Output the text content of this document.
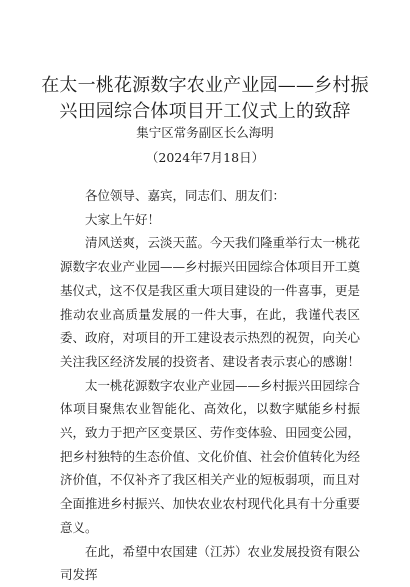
在太一桃花源数字农业产业园——乡村振兴田园综合体项目开工仪式上的致辞
集宁区常务副区长么海明
（2024年7月18日）

各位领导、嘉宾，同志们、朋友们：

大家上午好！

清风送爽，云淡天蓝。今天我们隆重举行太一桃花源数字农业产业园——乡村振兴田园综合体项目开工奠基仪式，这不仅是我区重大项目建设的一件喜事，更是推动农业高质量发展的一件大事，在此，我谨代表区委、政府，对项目的开工建设表示热烈的祝贺，向关心关注我区经济发展的投资者、建设者表示衷心的感谢！

太一桃花源数字农业产业园——乡村振兴田园综合体项目聚焦农业智能化、高效化，以数字赋能乡村振兴，致力于把产区变景区、劳作变体验、田园变公园，把乡村独特的生态价值、文化价值、社会价值转化为经济价值，不仅补齐了我区相关产业的短板弱项，而且对全面推进乡村振兴、加快农业农村现代化具有十分重要意义。

在此，希望中农国建（江苏）农业发展投资有限公司发挥
